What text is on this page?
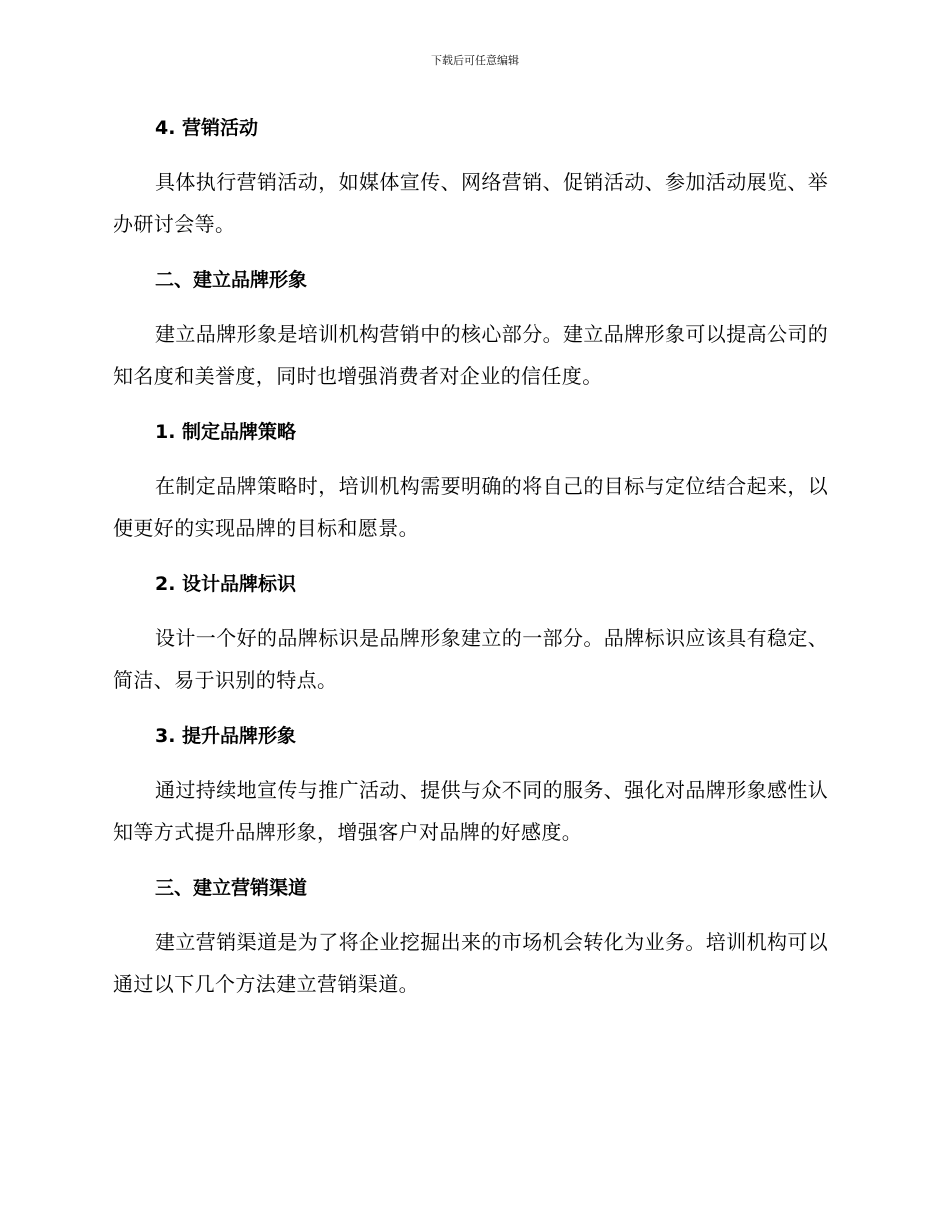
下载后可任意编辑
4. 营销活动
具体执行营销活动，如媒体宣传、网络营销、促销活动、参加活动展览、举办研讨会等。
二、建立品牌形象
建立品牌形象是培训机构营销中的核心部分。建立品牌形象可以提高公司的知名度和美誉度，同时也增强消费者对企业的信任度。
1. 制定品牌策略
在制定品牌策略时，培训机构需要明确的将自己的目标与定位结合起来，以便更好的实现品牌的目标和愿景。
2. 设计品牌标识
设计一个好的品牌标识是品牌形象建立的一部分。品牌标识应该具有稳定、简洁、易于识别的特点。
3. 提升品牌形象
通过持续地宣传与推广活动、提供与众不同的服务、强化对品牌形象感性认知等方式提升品牌形象，增强客户对品牌的好感度。
三、建立营销渠道
建立营销渠道是为了将企业挖掘出来的市场机会转化为业务。培训机构可以通过以下几个方法建立营销渠道。
